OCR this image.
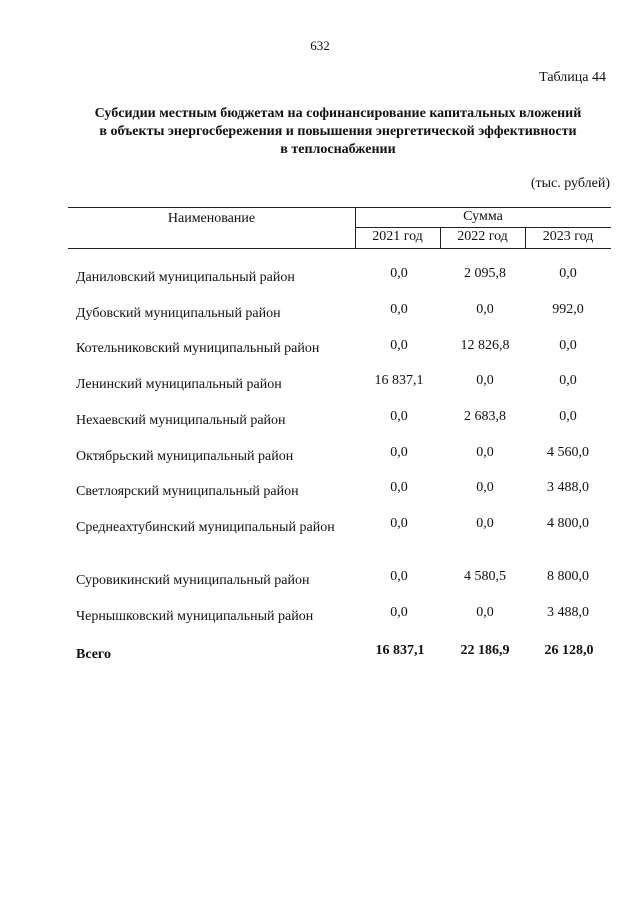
632
Таблица 44
Субсидии местным бюджетам на софинансирование капитальных вложений
в объекты энергосбережения и повышения энергетической эффективности
в теплоснабжении
(тыс. рублей)
Наименование	Сумма
2021 год	2022 год	2023 год
Даниловский муниципальный район	0,0	2 095,8	0,0
Дубовский муниципальный район	0,0	0,0	992,0
Котельниковский муниципальный район	0,0	12 826,8	0,0
Ленинский муниципальный район	16 837,1	0,0	0,0
Нехаевский муниципальный район	0,0	2 683,8	0,0
Октябрьский муниципальный район	0,0	0,0	4 560,0
Светлоярский муниципальный район	0,0	0,0	3 488,0
Среднеахтубинский муниципальный район	0,0	0,0	4 800,0
Суровикинский муниципальный район	0,0	4 580,5	8 800,0
Чернышковский муниципальный район	0,0	0,0	3 488,0
Всего	16 837,1	22 186,9	26 128,0
